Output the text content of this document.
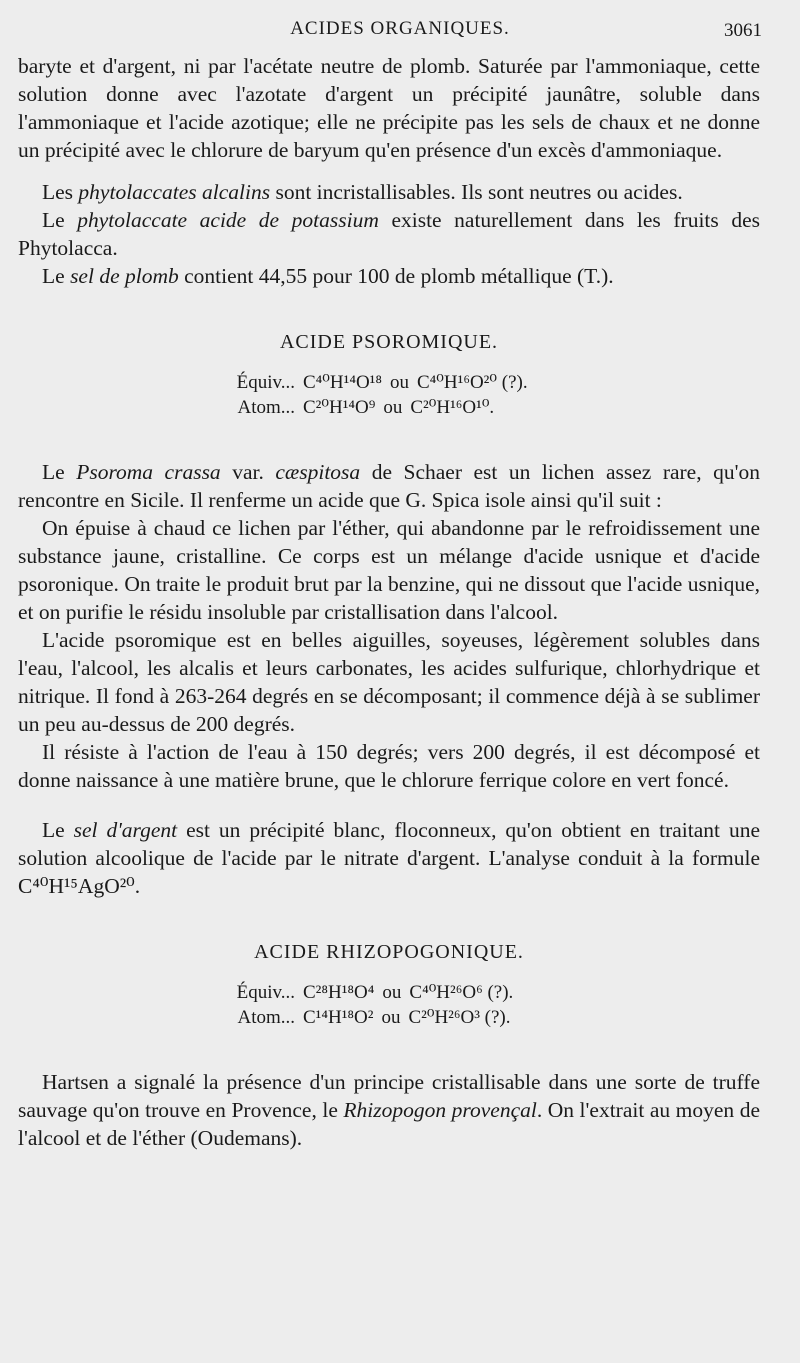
ACIDES ORGANIQUES.	3061

baryte et d'argent, ni par l'acétate neutre de plomb. Saturée par l'ammoniaque, cette solution donne avec l'azotate d'argent un précipité jaunâtre, soluble dans l'ammoniaque et l'acide azotique; elle ne précipite pas les sels de chaux et ne donne un précipité avec le chlorure de baryum qu'en présence d'un excès d'ammoniaque.

Les phytolaccates alcalins sont incristallisables. Ils sont neutres ou acides.

Le phytolaccate acide de potassium existe naturellement dans les fruits des Phytolacca.

Le sel de plomb contient 44,55 pour 100 de plomb métallique (T.).

ACIDE PSOROMIQUE.
Équiv... C⁴⁰H¹⁴O¹⁸ ou C⁴⁰H¹⁶O²⁰ (?).
Atom... C²⁰H¹⁴O⁹ ou C²⁰H¹⁶O¹⁰.

Le Psoroma crassa var. cæspitosa de Schaer est un lichen assez rare, qu'on rencontre en Sicile. Il renferme un acide que G. Spica isole ainsi qu'il suit :

On épuise à chaud ce lichen par l'éther, qui abandonne par le refroidissement une substance jaune, cristalline. Ce corps est un mélange d'acide usnique et d'acide psoronique. On traite le produit brut par la benzine, qui ne dissout que l'acide usnique, et on purifie le résidu insoluble par cristallisation dans l'alcool.

L'acide psoromique est en belles aiguilles, soyeuses, légèrement solubles dans l'eau, l'alcool, les alcalis et leurs carbonates, les acides sulfurique, chlorhydrique et nitrique. Il fond à 263-264 degrés en se décomposant; il commence déjà à se sublimer un peu au-dessus de 200 degrés.

Il résiste à l'action de l'eau à 150 degrés; vers 200 degrés, il est décomposé et donne naissance à une matière brune, que le chlorure ferrique colore en vert foncé.

Le sel d'argent est un précipité blanc, floconneux, qu'on obtient en traitant une solution alcoolique de l'acide par le nitrate d'argent. L'analyse conduit à la formule C⁴⁰H¹⁵AgO²⁰.

ACIDE RHIZOPOGONIQUE.
Équiv... C²⁸H¹⁸O⁴ ou C⁴⁰H²⁶O⁶ (?).
Atom... C¹⁴H¹⁸O² ou C²⁰H²⁶O³ (?).

Hartsen a signalé la présence d'un principe cristallisable dans une sorte de truffe sauvage qu'on trouve en Provence, le Rhizopogon provençal. On l'extrait au moyen de l'alcool et de l'éther (Oudemans).
